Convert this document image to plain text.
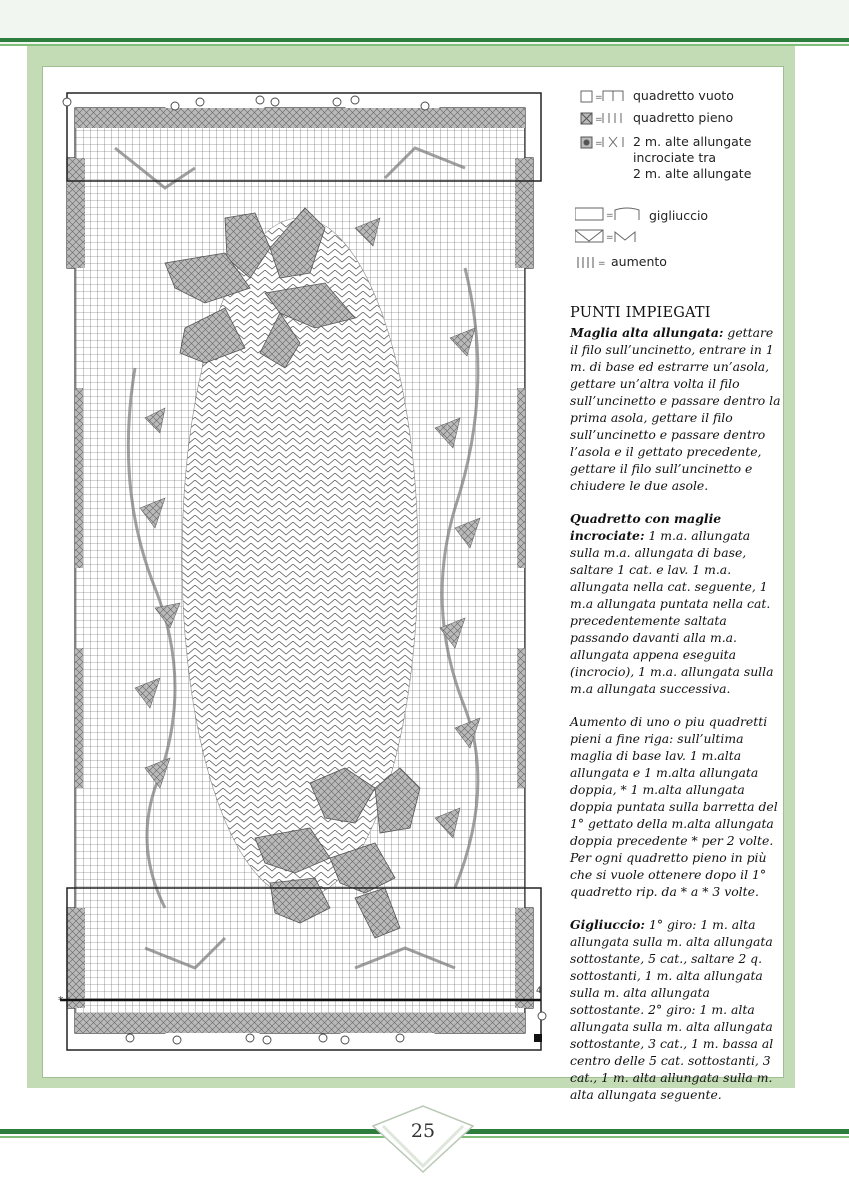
*
4
= quadretto vuoto
= quadretto pieno
= 2 m. alte allungate
incrociate tra
2 m. alte allungate
=	gigliuccio
=
= aumento
PUNTI IMPIEGATI

Maglia alta allungata: gettare il filo sull’uncinetto, entrare in 1 m. di base ed estrarre un’asola, gettare un’altra volta il filo sull’uncinetto e passare dentro la prima asola, gettare il filo sull’uncinetto e passare dentro l’asola e il gettato precedente, gettare il filo sull’uncinetto e chiudere le due asole.

Quadretto con maglie incrociate: 1 m.a. allungata sulla m.a. allungata di base, saltare 1 cat. e lav. 1 m.a. allungata nella cat. seguente, 1 m.a allungata puntata nella cat. precedentemente saltata passando davanti alla m.a. allungata appena eseguita (incrocio), 1 m.a. allungata sulla m.a allungata successiva.

Aumento di uno o piu quadretti pieni a fine riga: sull’ultima maglia di base lav. 1 m.alta allungata e 1 m.alta allungata doppia, * 1 m.alta allungata doppia puntata sulla barretta del 1° gettato della m.alta allungata doppia precedente * per 2 volte. Per ogni quadretto pieno in più che si vuole ottenere dopo il 1° quadretto rip. da * a * 3 volte.

Gigliuccio: 1° giro: 1 m. alta allungata sulla m. alta allungata sottostante, 5 cat., saltare 2 q. sottostanti, 1 m. alta allungata sulla m. alta allungata sottostante. 2° giro: 1 m. alta allungata sulla m. alta allungata sottostante, 3 cat., 1 m. bassa al centro delle 5 cat. sottostanti, 3 cat., 1 m. alta allungata sulla m. alta allungata seguente.

25
